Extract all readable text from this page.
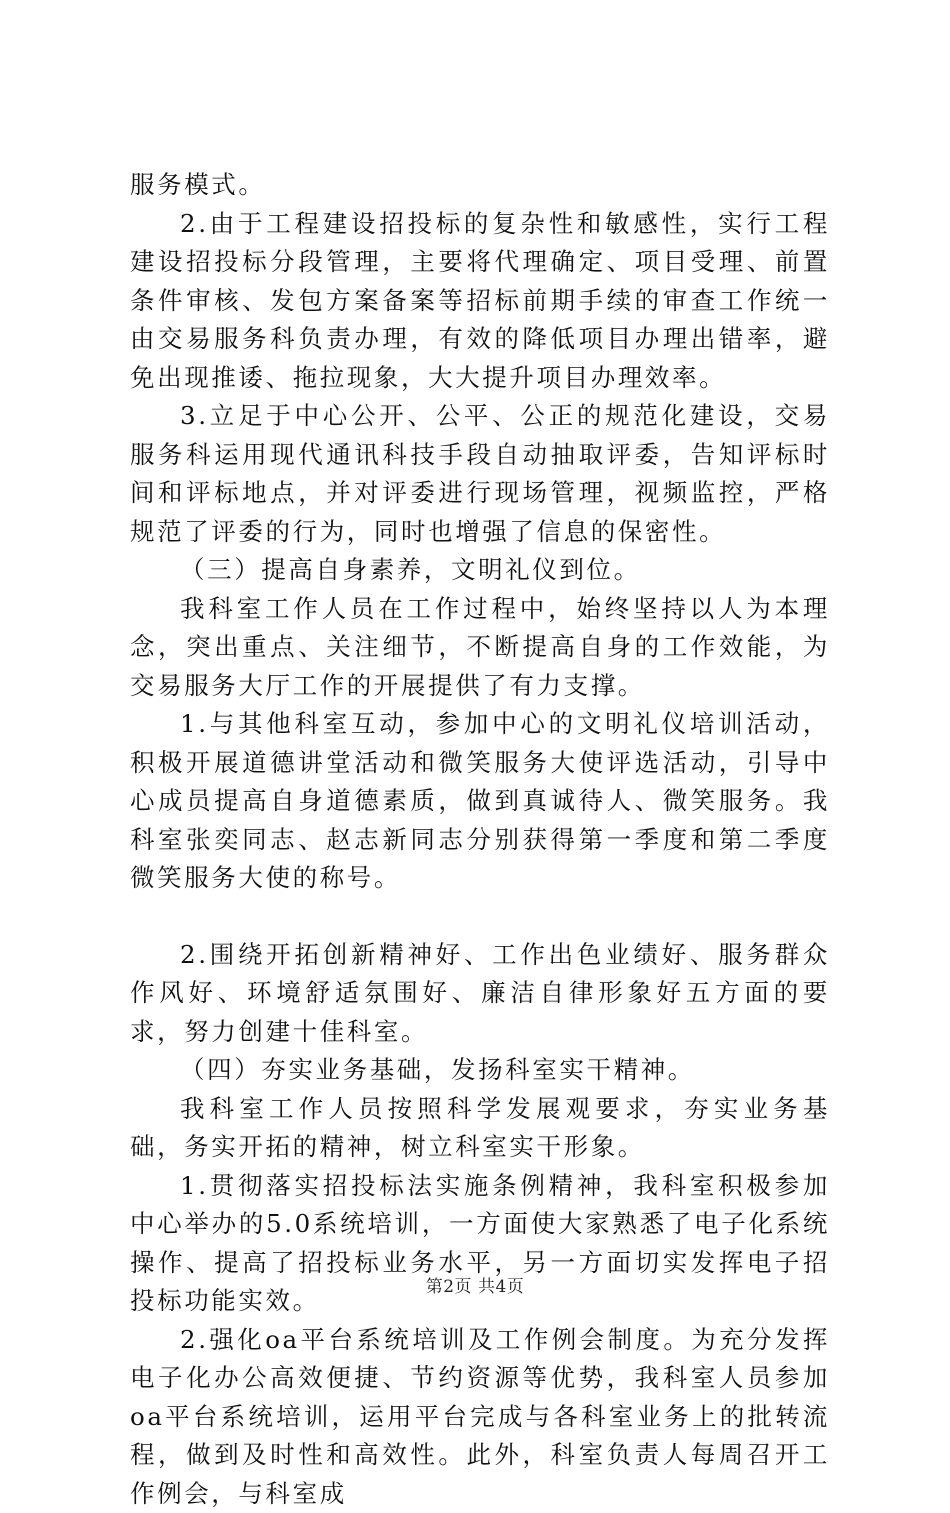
服务模式。

2.由于工程建设招投标的复杂性和敏感性，实行工程建设招投标分段管理，主要将代理确定、项目受理、前置条件审核、发包方案备案等招标前期手续的审查工作统一由交易服务科负责办理，有效的降低项目办理出错率，避免出现推诿、拖拉现象，大大提升项目办理效率。

3.立足于中心公开、公平、公正的规范化建设，交易服务科运用现代通讯科技手段自动抽取评委，告知评标时间和评标地点，并对评委进行现场管理，视频监控，严格规范了评委的行为，同时也增强了信息的保密性。

（三）提高自身素养，文明礼仪到位。

我科室工作人员在工作过程中，始终坚持以人为本理念，突出重点、关注细节，不断提高自身的工作效能，为交易服务大厅工作的开展提供了有力支撑。

1.与其他科室互动，参加中心的文明礼仪培训活动，积极开展道德讲堂活动和微笑服务大使评选活动，引导中心成员提高自身道德素质，做到真诚待人、微笑服务。我科室张奕同志、赵志新同志分别获得第一季度和第二季度微笑服务大使的称号。

2.围绕开拓创新精神好、工作出色业绩好、服务群众作风好、环境舒适氛围好、廉洁自律形象好五方面的要求，努力创建十佳科室。

（四）夯实业务基础，发扬科室实干精神。

我科室工作人员按照科学发展观要求，夯实业务基础，务实开拓的精神，树立科室实干形象。

1.贯彻落实招投标法实施条例精神，我科室积极参加中心举办的5.0系统培训，一方面使大家熟悉了电子化系统操作、提高了招投标业务水平，另一方面切实发挥电子招投标功能实效。

2.强化oa平台系统培训及工作例会制度。为充分发挥电子化办公高效便捷、节约资源等优势，我科室人员参加oa平台系统培训，运用平台完成与各科室业务上的批转流程，做到及时性和高效性。此外，科室负责人每周召开工作例会，与科室成

第2页 共4页
